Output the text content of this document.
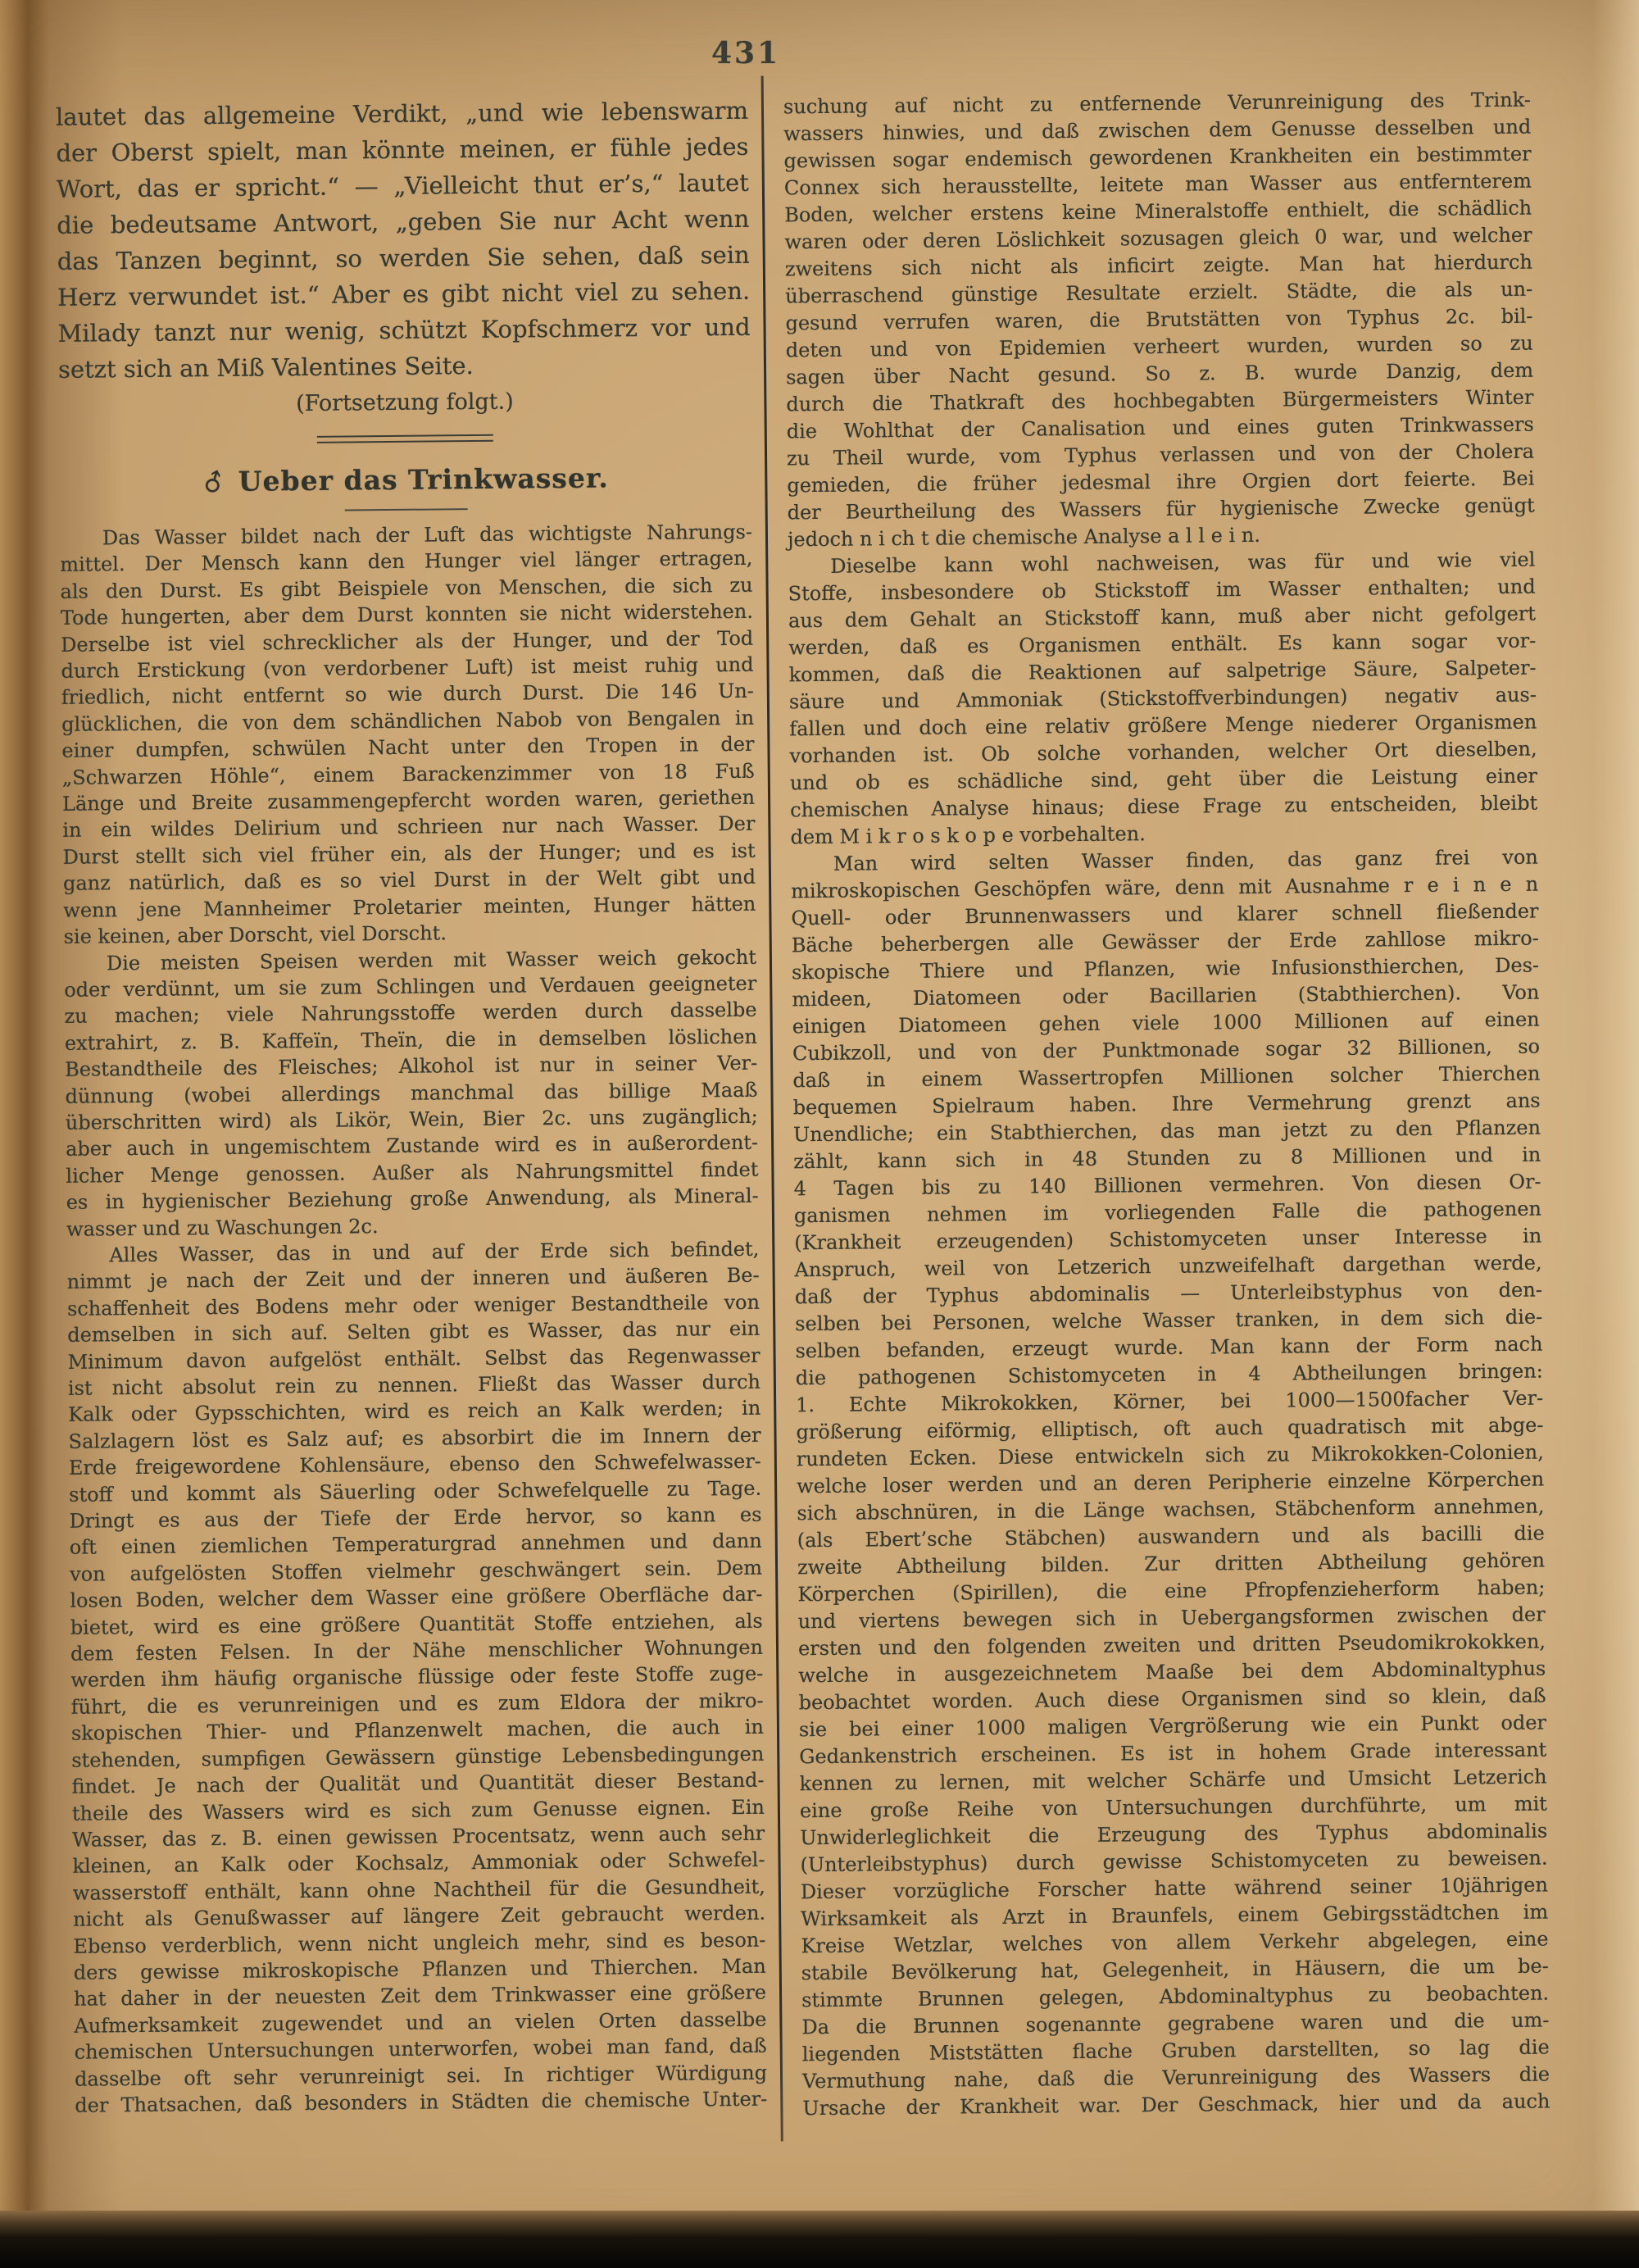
431
lautet das allgemeine Verdikt, „und wie lebenswarm
der Oberst spielt, man könnte meinen, er fühle jedes
Wort, das er spricht.“ — „Vielleicht thut er’s,“ lautet
die bedeutsame Antwort, „geben Sie nur Acht wenn
das Tanzen beginnt, so werden Sie sehen, daß sein
Herz verwundet ist.“ Aber es gibt nicht viel zu sehen.
Milady tanzt nur wenig, schützt Kopfschmerz vor und
setzt sich an Miß Valentines Seite.
(Fortsetzung folgt.)
♂ Ueber das Trinkwasser.
Das Wasser bildet nach der Luft das wichtigste Nahrungs-
mittel. Der Mensch kann den Hunger viel länger ertragen,
als den Durst. Es gibt Beispiele von Menschen, die sich zu
Tode hungerten, aber dem Durst konnten sie nicht widerstehen.
Derselbe ist viel schrecklicher als der Hunger, und der Tod
durch Erstickung (von verdorbener Luft) ist meist ruhig und
friedlich, nicht entfernt so wie durch Durst. Die 146 Un-
glücklichen, die von dem schändlichen Nabob von Bengalen in
einer dumpfen, schwülen Nacht unter den Tropen in der
„Schwarzen Höhle“, einem Barackenzimmer von 18 Fuß
Länge und Breite zusammengepfercht worden waren, geriethen
in ein wildes Delirium und schrieen nur nach Wasser. Der
Durst stellt sich viel früher ein, als der Hunger; und es ist
ganz natürlich, daß es so viel Durst in der Welt gibt und
wenn jene Mannheimer Proletarier meinten, Hunger hätten
sie keinen, aber Dorscht, viel Dorscht.
Die meisten Speisen werden mit Wasser weich gekocht
oder verdünnt, um sie zum Schlingen und Verdauen geeigneter
zu machen; viele Nahrungsstoffe werden durch dasselbe
extrahirt, z. B. Kaffeïn, Theïn, die in demselben löslichen
Bestandtheile des Fleisches; Alkohol ist nur in seiner Ver-
dünnung (wobei allerdings manchmal das billige Maaß
überschritten wird) als Likör, Wein, Bier 2c. uns zugänglich;
aber auch in ungemischtem Zustande wird es in außerordent-
licher Menge genossen. Außer als Nahrungsmittel findet
es in hygienischer Beziehung große Anwendung, als Mineral-
wasser und zu Waschungen 2c.
Alles Wasser, das in und auf der Erde sich befindet,
nimmt je nach der Zeit und der inneren und äußeren Be-
schaffenheit des Bodens mehr oder weniger Bestandtheile von
demselben in sich auf. Selten gibt es Wasser, das nur ein
Minimum davon aufgelöst enthält. Selbst das Regenwasser
ist nicht absolut rein zu nennen. Fließt das Wasser durch
Kalk oder Gypsschichten, wird es reich an Kalk werden; in
Salzlagern löst es Salz auf; es absorbirt die im Innern der
Erde freigewordene Kohlensäure, ebenso den Schwefelwasser-
stoff und kommt als Säuerling oder Schwefelquelle zu Tage.
Dringt es aus der Tiefe der Erde hervor, so kann es
oft einen ziemlichen Temperaturgrad annehmen und dann
von aufgelösten Stoffen vielmehr geschwängert sein. Dem
losen Boden, welcher dem Wasser eine größere Oberfläche dar-
bietet, wird es eine größere Quantität Stoffe entziehen, als
dem festen Felsen. In der Nähe menschlicher Wohnungen
werden ihm häufig organische flüssige oder feste Stoffe zuge-
führt, die es verunreinigen und es zum Eldora der mikro-
skopischen Thier- und Pflanzenwelt machen, die auch in
stehenden, sumpfigen Gewässern günstige Lebensbedingungen
findet. Je nach der Qualität und Quantität dieser Bestand-
theile des Wassers wird es sich zum Genusse eignen. Ein
Wasser, das z. B. einen gewissen Procentsatz, wenn auch sehr
kleinen, an Kalk oder Kochsalz, Ammoniak oder Schwefel-
wasserstoff enthält, kann ohne Nachtheil für die Gesundheit,
nicht als Genußwasser auf längere Zeit gebraucht werden.
Ebenso verderblich, wenn nicht ungleich mehr, sind es beson-
ders gewisse mikroskopische Pflanzen und Thierchen. Man
hat daher in der neuesten Zeit dem Trinkwasser eine größere
Aufmerksamkeit zugewendet und an vielen Orten dasselbe
chemischen Untersuchungen unterworfen, wobei man fand, daß
dasselbe oft sehr verunreinigt sei. In richtiger Würdigung
der Thatsachen, daß besonders in Städten die chemische Unter-
suchung auf nicht zu entfernende Verunreinigung des Trink-
wassers hinwies, und daß zwischen dem Genusse desselben und
gewissen sogar endemisch gewordenen Krankheiten ein bestimmter
Connex sich herausstellte, leitete man Wasser aus entfernterem
Boden, welcher erstens keine Mineralstoffe enthielt, die schädlich
waren oder deren Löslichkeit sozusagen gleich 0 war, und welcher
zweitens sich nicht als inficirt zeigte. Man hat hierdurch
überraschend günstige Resultate erzielt. Städte, die als un-
gesund verrufen waren, die Brutstätten von Typhus 2c. bil-
deten und von Epidemien verheert wurden, wurden so zu
sagen über Nacht gesund. So z. B. wurde Danzig, dem
durch die Thatkraft des hochbegabten Bürgermeisters Winter
die Wohlthat der Canalisation und eines guten Trinkwassers
zu Theil wurde, vom Typhus verlassen und von der Cholera
gemieden, die früher jedesmal ihre Orgien dort feierte. Bei
der Beurtheilung des Wassers für hygienische Zwecke genügt
jedoch n i ch t die chemische Analyse a l l e i n.
Dieselbe kann wohl nachweisen, was für und wie viel
Stoffe, insbesondere ob Stickstoff im Wasser enthalten; und
aus dem Gehalt an Stickstoff kann, muß aber nicht gefolgert
werden, daß es Organismen enthält. Es kann sogar vor-
kommen, daß die Reaktionen auf salpetrige Säure, Salpeter-
säure und Ammoniak (Stickstoffverbindungen) negativ aus-
fallen und doch eine relativ größere Menge niederer Organismen
vorhanden ist. Ob solche vorhanden, welcher Ort dieselben,
und ob es schädliche sind, geht über die Leistung einer
chemischen Analyse hinaus; diese Frage zu entscheiden, bleibt
dem M i k r o s k o p e vorbehalten.
Man wird selten Wasser finden, das ganz frei von
mikroskopischen Geschöpfen wäre, denn mit Ausnahme r e i n e n
Quell- oder Brunnenwassers und klarer schnell fließender
Bäche beherbergen alle Gewässer der Erde zahllose mikro-
skopische Thiere und Pflanzen, wie Infusionsthierchen, Des-
mideen, Diatomeen oder Bacillarien (Stabthierchen). Von
einigen Diatomeen gehen viele 1000 Millionen auf einen
Cubikzoll, und von der Punktmonade sogar 32 Billionen, so
daß in einem Wassertropfen Millionen solcher Thierchen
bequemen Spielraum haben. Ihre Vermehrung grenzt ans
Unendliche; ein Stabthierchen, das man jetzt zu den Pflanzen
zählt, kann sich in 48 Stunden zu 8 Millionen und in
4 Tagen bis zu 140 Billionen vermehren. Von diesen Or-
ganismen nehmen im vorliegenden Falle die pathogenen
(Krankheit erzeugenden) Schistomyceten unser Interesse in
Anspruch, weil von Letzerich unzweifelhaft dargethan werde,
daß der Typhus abdominalis — Unterleibstyphus von den-
selben bei Personen, welche Wasser tranken, in dem sich die-
selben befanden, erzeugt wurde. Man kann der Form nach
die pathogenen Schistomyceten in 4 Abtheilungen bringen:
1. Echte Mikrokokken, Körner, bei 1000—1500facher Ver-
größerung eiförmig, elliptisch, oft auch quadratisch mit abge-
rundeten Ecken. Diese entwickeln sich zu Mikrokokken-Colonien,
welche loser werden und an deren Peripherie einzelne Körperchen
sich abschnüren, in die Länge wachsen, Stäbchenform annehmen,
(als Ebert’sche Stäbchen) auswandern und als bacilli die
zweite Abtheilung bilden. Zur dritten Abtheilung gehören
Körperchen (Spirillen), die eine Pfropfenzieherform haben;
und viertens bewegen sich in Uebergangsformen zwischen der
ersten und den folgenden zweiten und dritten Pseudomikrokokken,
welche in ausgezeichnetem Maaße bei dem Abdominaltyphus
beobachtet worden. Auch diese Organismen sind so klein, daß
sie bei einer 1000 maligen Vergrößerung wie ein Punkt oder
Gedankenstrich erscheinen. Es ist in hohem Grade interessant
kennen zu lernen, mit welcher Schärfe und Umsicht Letzerich
eine große Reihe von Untersuchungen durchführte, um mit
Unwiderleglichkeit die Erzeugung des Typhus abdominalis
(Unterleibstyphus) durch gewisse Schistomyceten zu beweisen.
Dieser vorzügliche Forscher hatte während seiner 10jährigen
Wirksamkeit als Arzt in Braunfels, einem Gebirgsstädtchen im
Kreise Wetzlar, welches von allem Verkehr abgelegen, eine
stabile Bevölkerung hat, Gelegenheit, in Häusern, die um be-
stimmte Brunnen gelegen, Abdominaltyphus zu beobachten.
Da die Brunnen sogenannte gegrabene waren und die um-
liegenden Miststätten flache Gruben darstellten, so lag die
Vermuthung nahe, daß die Verunreinigung des Wassers die
Ursache der Krankheit war. Der Geschmack, hier und da auch
